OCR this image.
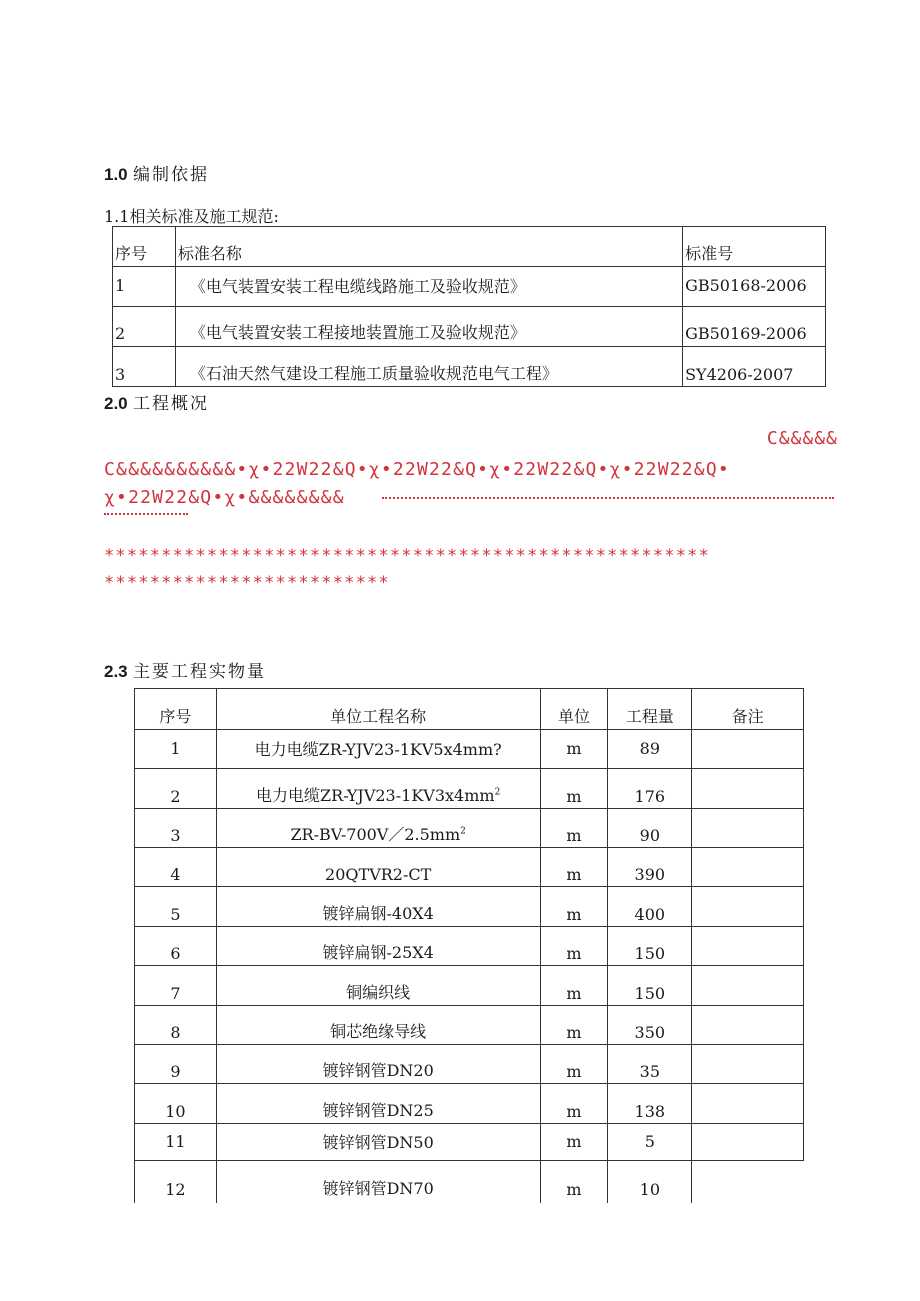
1.0 编制依据
1.1相关标准及施工规范:
序号	标准名称	标准号
1	《电气装置安装工程电缆线路施工及验收规范》	GB50168-2006
2	《电气装置安装工程接地装置施工及验收规范》	GB50169-2006
3	《石油天然气建设工程施工质量验收规范电气工程》	SY4206-2007
2.0 工程概况
							C&&&&&	
C&&&&&&&&&&•χ•22W22&Q•χ•22W22&Q•χ•22W22&Q•χ•22W22&Q•
χ•22W22&Q•χ•&&&&&&&&
*****************************************************
*************************
2.3 主要工程实物量
序号	单位工程名称	单位	工程量	备注
1	电力电缆ZR-YJV23-1KV5x4mm?	m	89	
2	电力电缆$ZR-YJV23-1KV3x4mm^2$	m	176	
3	$ZR-BV-700V/2.5mm^2$	m	90	
4	20QTVR2-CT	m	390	
5	镀锌扁钢-40X4	m	400	
6	镀锌扁钢-25X4	m	150	
7	铜编织线	m	150	
8	铜芯绝缘导线	m	350	
9	镀锌钢管DN20	m	35	
10	镀锌钢管DN25	m	138	
11	镀锌钢管DN50	m	5	
12	镀锌钢管DN70	m	10	
